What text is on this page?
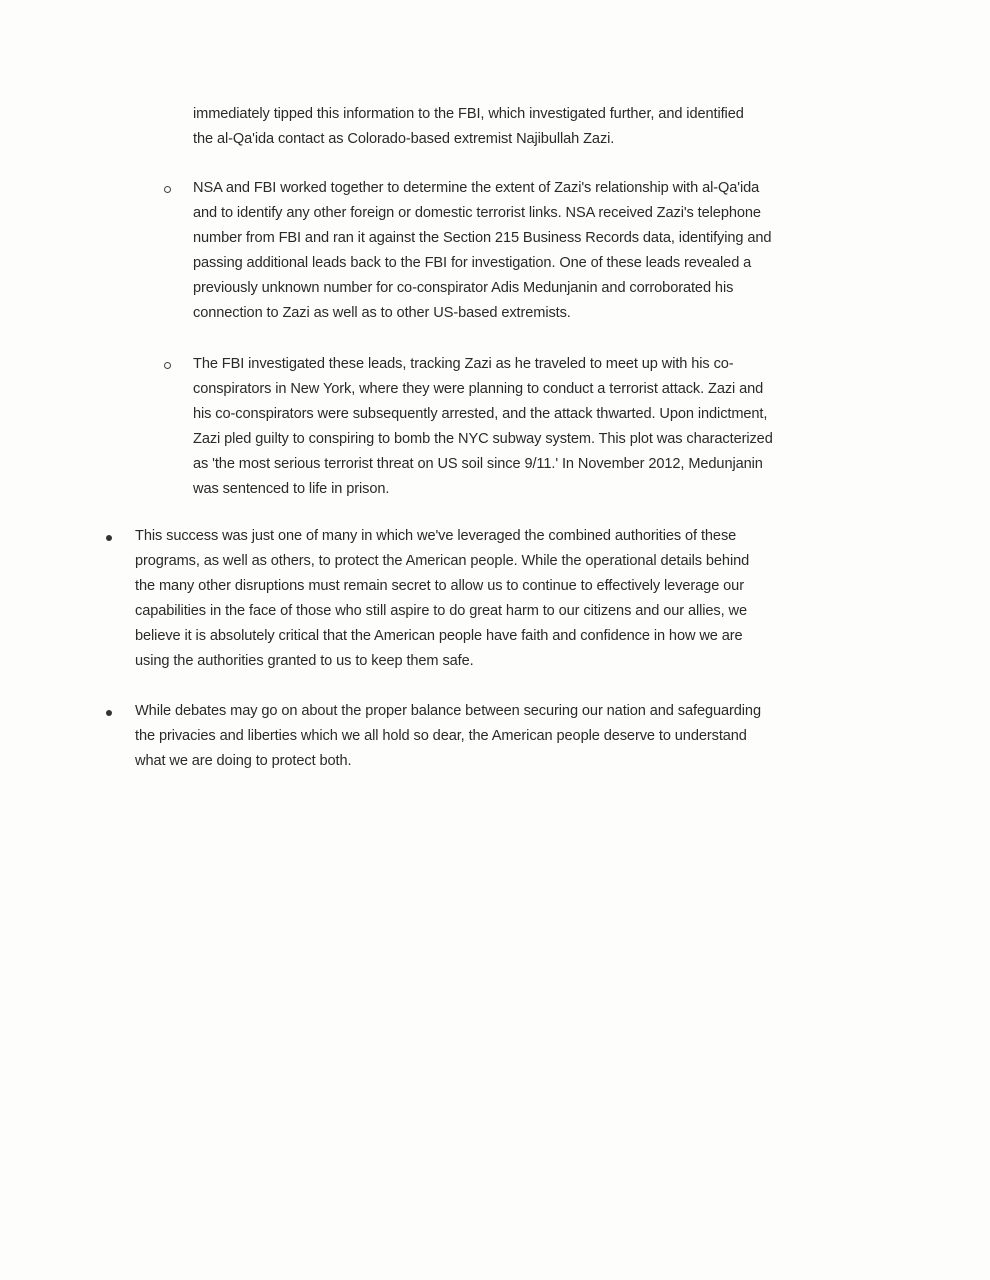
immediately tipped this information to the FBI, which investigated further, and identified
the al-Qa'ida contact as Colorado-based extremist Najibullah Zazi.

NSA and FBI worked together to determine the extent of Zazi's relationship with al-Qa'ida
and to identify any other foreign or domestic terrorist links. NSA received Zazi's telephone
number from FBI and ran it against the Section 215 Business Records data, identifying and
passing additional leads back to the FBI for investigation. One of these leads revealed a
previously unknown number for co-conspirator Adis Medunjanin and corroborated his
connection to Zazi as well as to other US-based extremists.

The FBI investigated these leads, tracking Zazi as he traveled to meet up with his co-
conspirators in New York, where they were planning to conduct a terrorist attack. Zazi and
his co-conspirators were subsequently arrested, and the attack thwarted. Upon indictment,
Zazi pled guilty to conspiring to bomb the NYC subway system. This plot was characterized
as 'the most serious terrorist threat on US soil since 9/11.' In November 2012, Medunjanin
was sentenced to life in prison.

This success was just one of many in which we've leveraged the combined authorities of these
programs, as well as others, to protect the American people. While the operational details behind
the many other disruptions must remain secret to allow us to continue to effectively leverage our
capabilities in the face of those who still aspire to do great harm to our citizens and our allies, we
believe it is absolutely critical that the American people have faith and confidence in how we are
using the authorities granted to us to keep them safe.

While debates may go on about the proper balance between securing our nation and safeguarding
the privacies and liberties which we all hold so dear, the American people deserve to understand
what we are doing to protect both.
